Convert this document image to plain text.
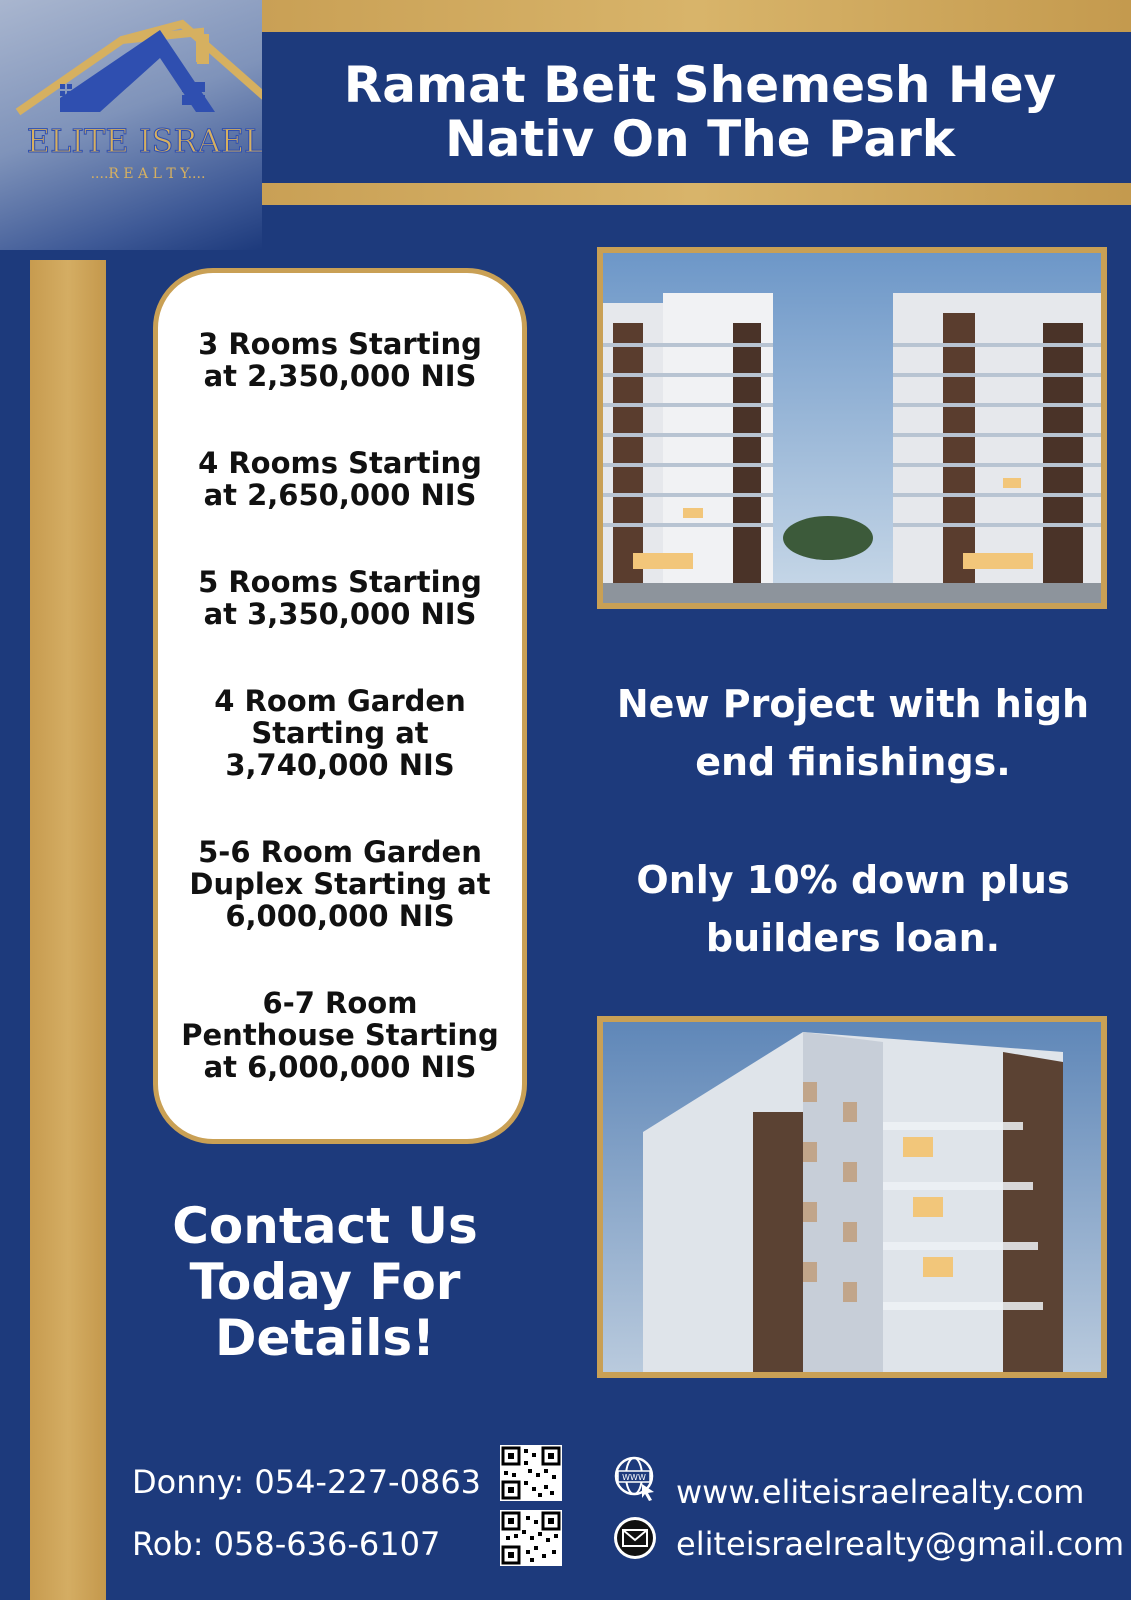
ELITE ISRAEL
....R E A L T Y....
Ramat Beit Shemesh Hey
Nativ On The Park
3 Rooms Starting
at 2,350,000 NIS
4 Rooms Starting
at 2,650,000 NIS
5 Rooms Starting
at 3,350,000 NIS
4 Room Garden
Starting at
3,740,000 NIS
5-6 Room Garden
Duplex Starting at
6,000,000 NIS
6-7 Room
Penthouse Starting
at 6,000,000 NIS
New Project with high
end finishings.
Only 10% down plus
builders loan.
Contact Us
Today For
Details!
Donny: 054-227-0863
Rob: 058-636-6107
WWW www.eliteisraelrealty.com
eliteisraelrealty@gmail.com
